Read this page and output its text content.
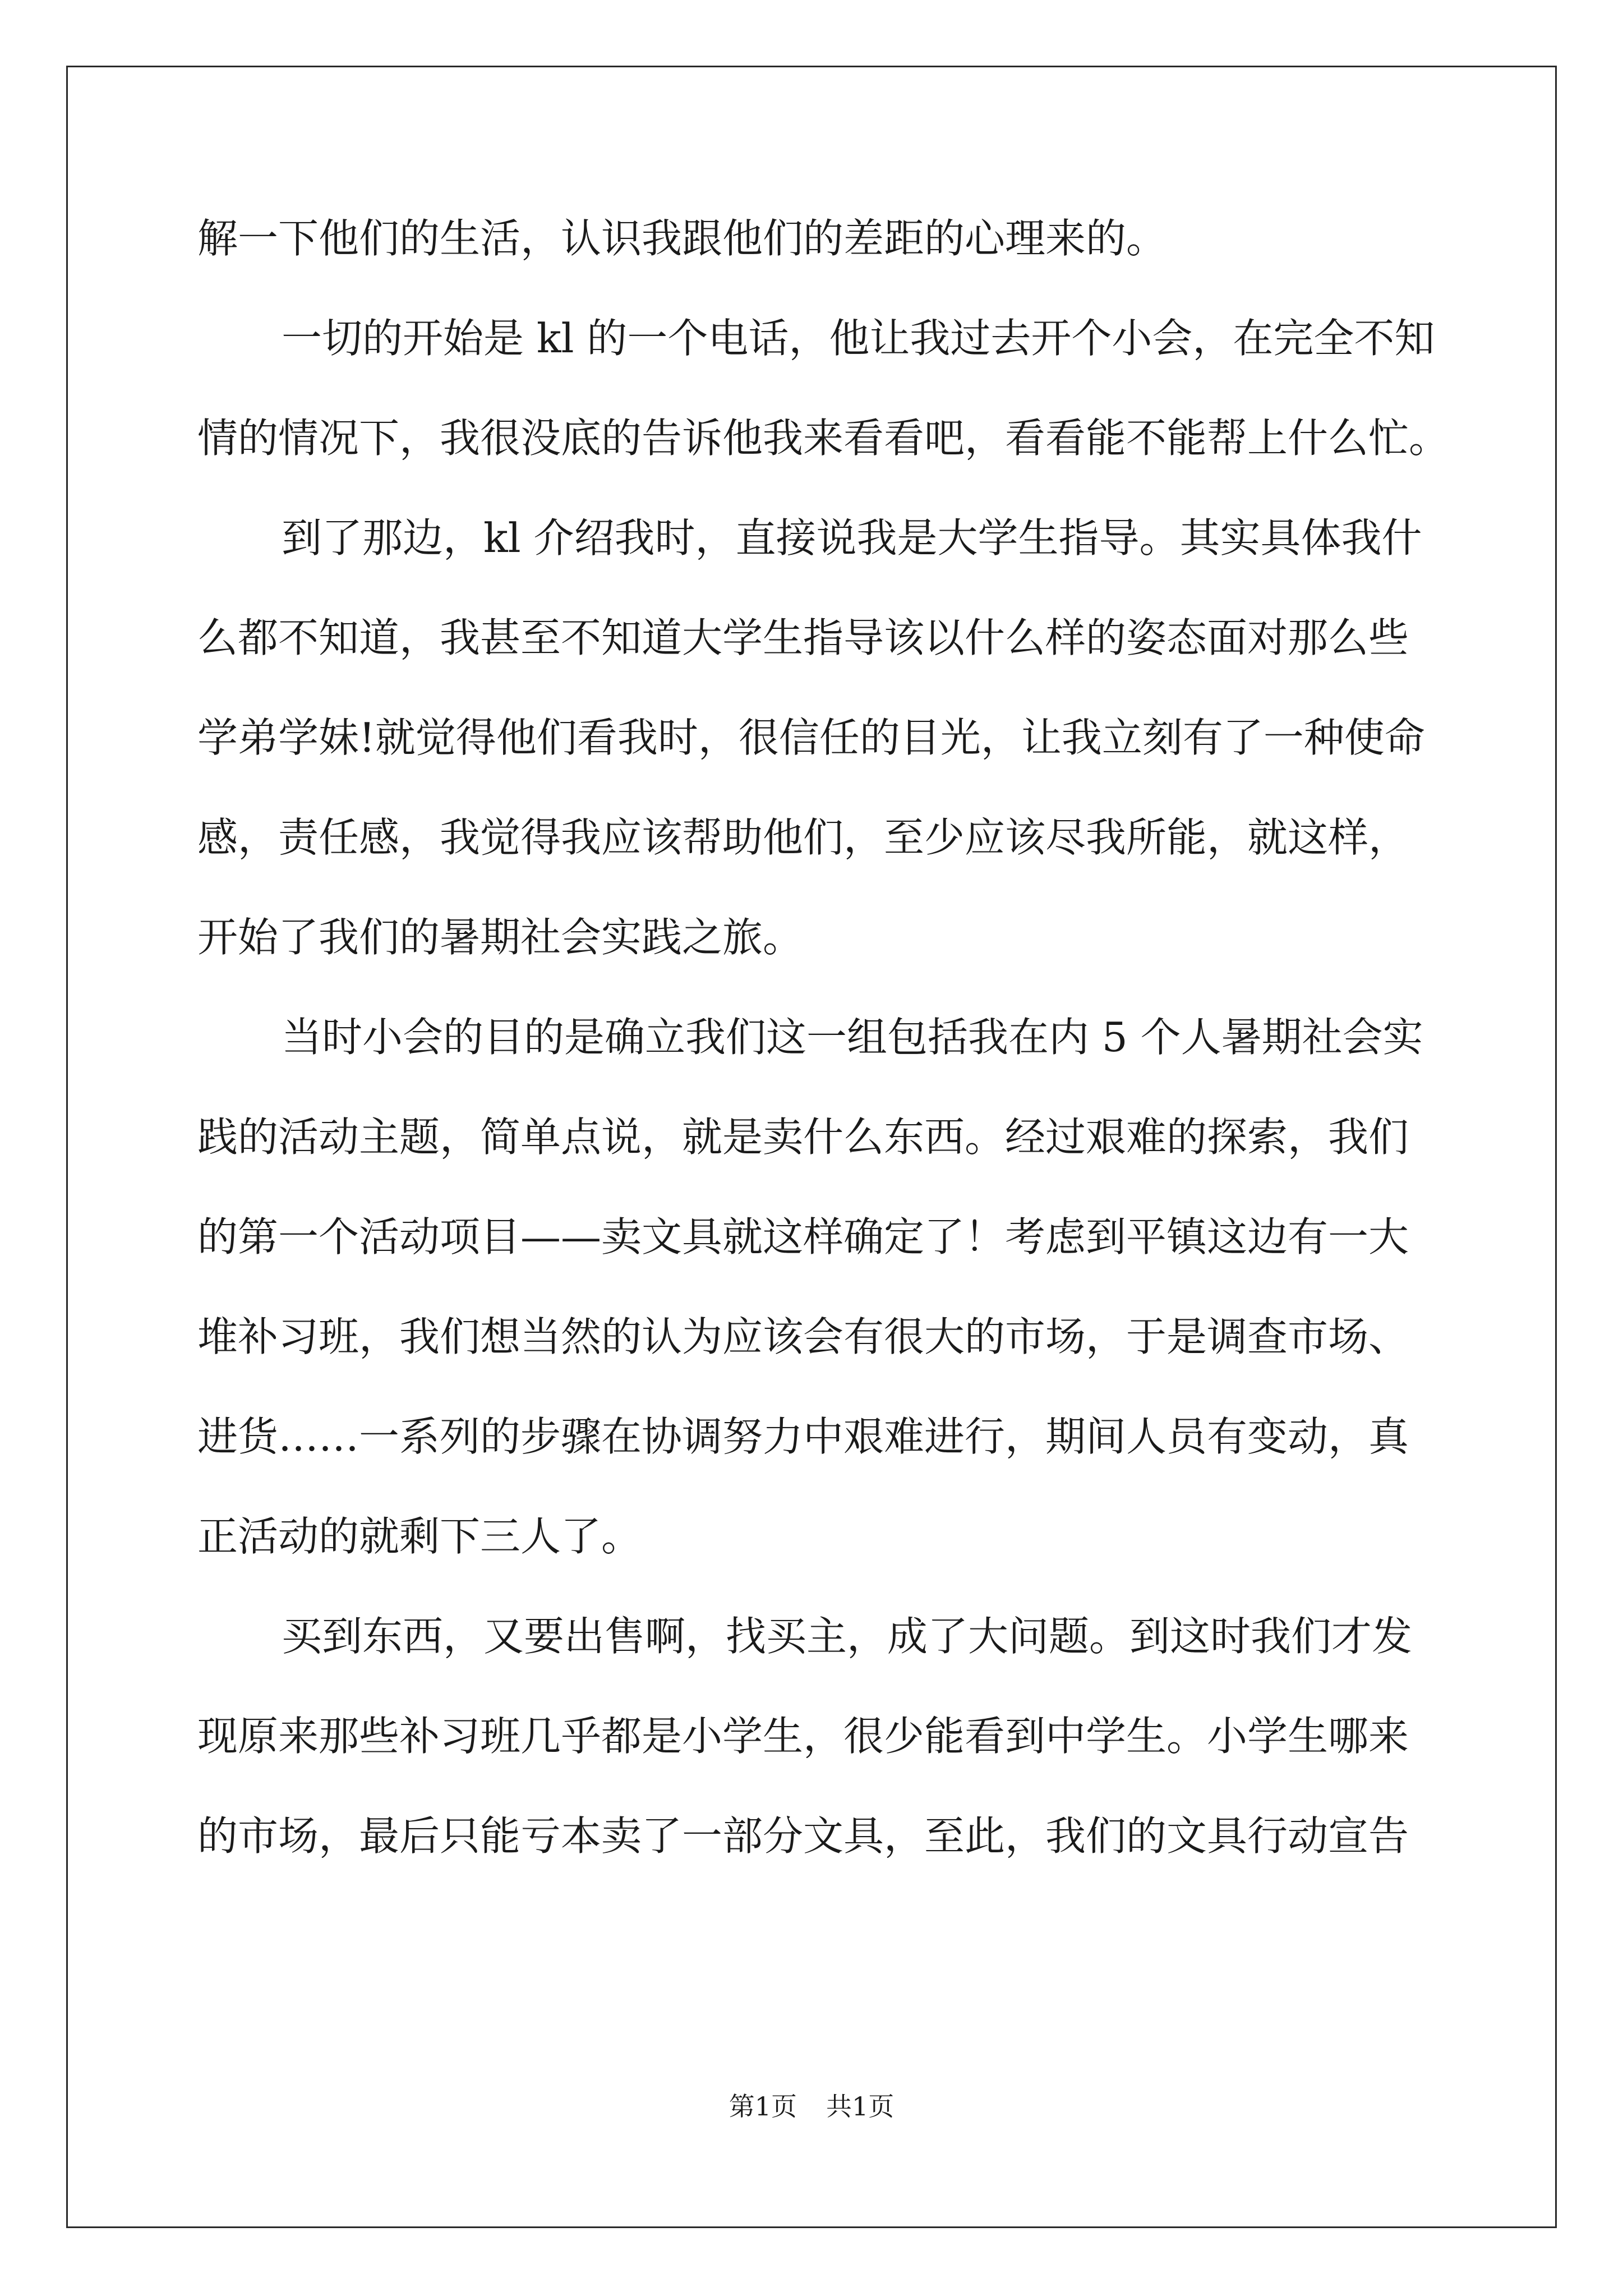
解一下他们的生活，认识我跟他们的差距的心理来的。
一切的开始是 kl 的一个电话，他让我过去开个小会，在完全不知
情的情况下，我很没底的告诉他我来看看吧，看看能不能帮上什么忙。
到了那边，kl 介绍我时，直接说我是大学生指导。其实具体我什
么都不知道，我甚至不知道大学生指导该以什么样的姿态面对那么些
学弟学妹!就觉得他们看我时，很信任的目光，让我立刻有了一种使命
感，责任感，我觉得我应该帮助他们，至少应该尽我所能，就这样，
开始了我们的暑期社会实践之旅。
当时小会的目的是确立我们这一组包括我在内 5 个人暑期社会实
践的活动主题，简单点说，就是卖什么东西。经过艰难的探索，我们
的第一个活动项目——卖文具就这样确定了！考虑到平镇这边有一大
堆补习班，我们想当然的认为应该会有很大的市场，于是调查市场、
进货……一系列的步骤在协调努力中艰难进行，期间人员有变动，真
正活动的就剩下三人了。
买到东西，又要出售啊，找买主，成了大问题。到这时我们才发
现原来那些补习班几乎都是小学生，很少能看到中学生。小学生哪来
的市场，最后只能亏本卖了一部分文具，至此，我们的文具行动宣告
第1页 共1页
